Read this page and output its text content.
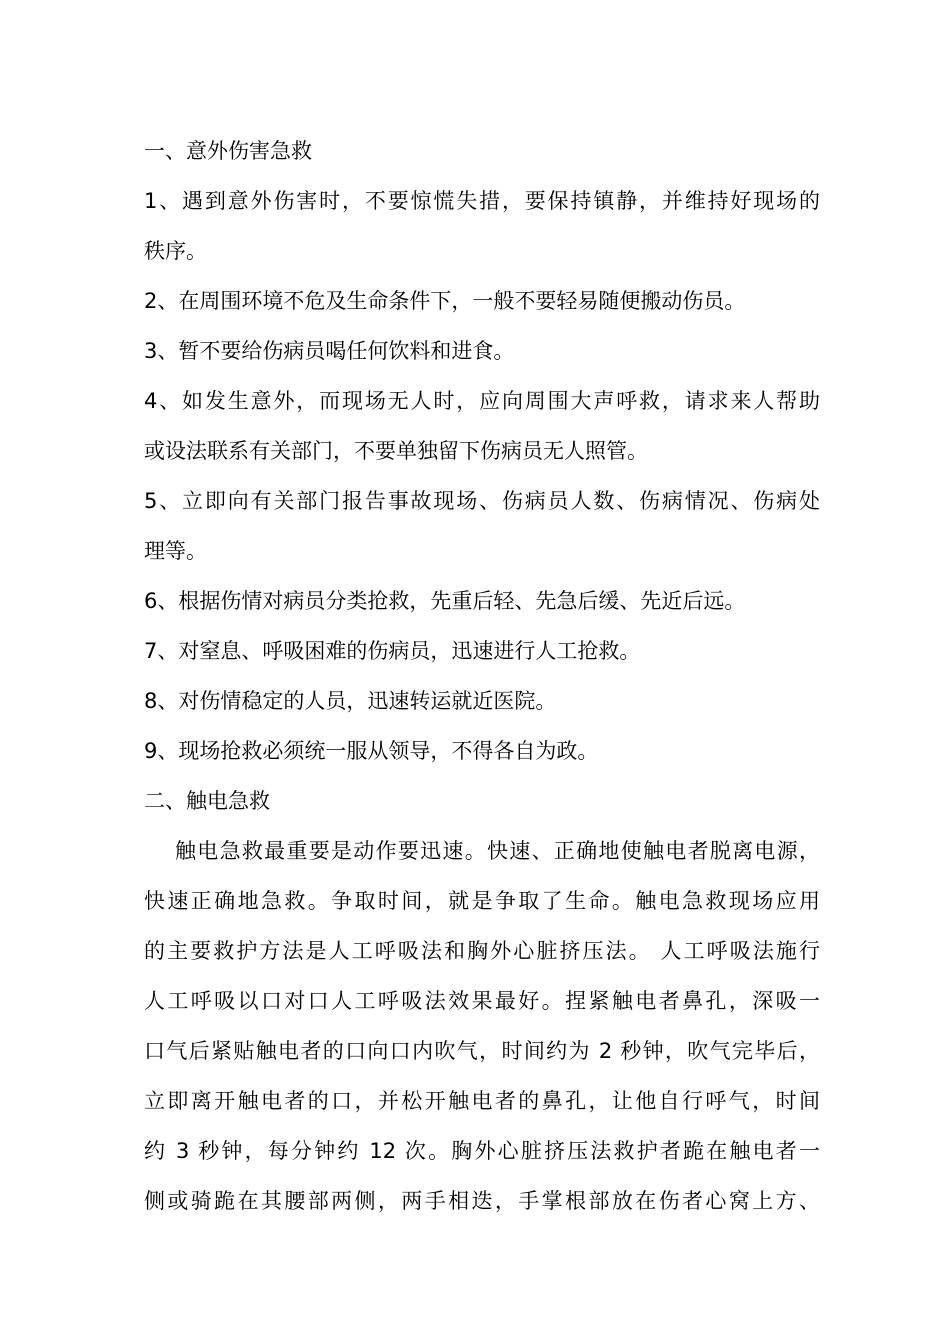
一、意外伤害急救
1、遇到意外伤害时，不要惊慌失措，要保持镇静，并维持好现场的
秩序。
2、在周围环境不危及生命条件下，一般不要轻易随便搬动伤员。
3、暂不要给伤病员喝任何饮料和进食。
4、如发生意外，而现场无人时，应向周围大声呼救，请求来人帮助
或设法联系有关部门，不要单独留下伤病员无人照管。
5、立即向有关部门报告事故现场、伤病员人数、伤病情况、伤病处
理等。
6、根据伤情对病员分类抢救，先重后轻、先急后缓、先近后远。
7、对窒息、呼吸困难的伤病员，迅速进行人工抢救。
8、对伤情稳定的人员，迅速转运就近医院。
9、现场抢救必须统一服从领导，不得各自为政。
二、触电急救
触电急救最重要是动作要迅速。快速、正确地使触电者脱离电源，
快速正确地急救。争取时间，就是争取了生命。触电急救现场应用
的主要救护方法是人工呼吸法和胸外心脏挤压法。 人工呼吸法施行
人工呼吸以口对口人工呼吸法效果最好。捏紧触电者鼻孔，深吸一
口气后紧贴触电者的口向口内吹气，时间约为 2 秒钟，吹气完毕后，
立即离开触电者的口，并松开触电者的鼻孔，让他自行呼气，时间
约 3 秒钟，每分钟约 12 次。胸外心脏挤压法救护者跪在触电者一
侧或骑跪在其腰部两侧，两手相迭，手掌根部放在伤者心窝上方、
